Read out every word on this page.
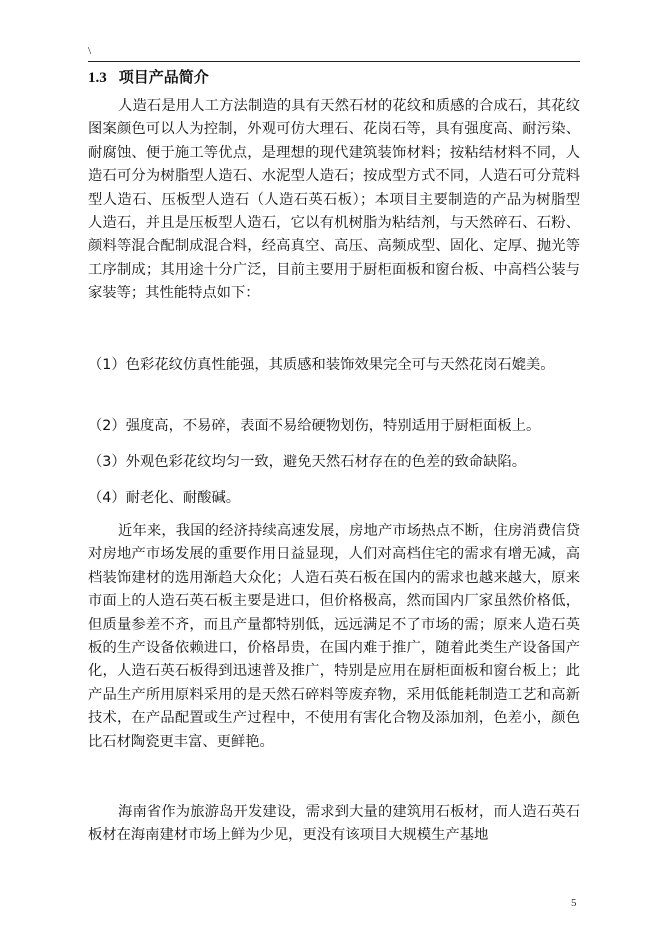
\
1.3 项目产品简介

人造石是用人工方法制造的具有天然石材的花纹和质感的合成石，其花纹图案颜色可以人为控制，外观可仿大理石、花岗石等，具有强度高、耐污染、耐腐蚀、便于施工等优点，是理想的现代建筑装饰材料；按粘结材料不同，人造石可分为树脂型人造石、水泥型人造石；按成型方式不同，人造石可分荒料型人造石、压板型人造石（人造石英石板）；本项目主要制造的产品为树脂型人造石，并且是压板型人造石，它以有机树脂为粘结剂，与天然碎石、石粉、颜料等混合配制成混合料，经高真空、高压、高频成型、固化、定厚、抛光等工序制成；其用途十分广泛，目前主要用于厨柜面板和窗台板、中高档公装与家装等；其性能特点如下：

（1）色彩花纹仿真性能强，其质感和装饰效果完全可与天然花岗石媲美。

（2）强度高，不易碎，表面不易给硬物划伤，特别适用于厨柜面板上。

（3）外观色彩花纹均匀一致，避免天然石材存在的色差的致命缺陷。

（4）耐老化、耐酸碱。

近年来，我国的经济持续高速发展，房地产市场热点不断，住房消费信贷对房地产市场发展的重要作用日益显现，人们对高档住宅的需求有增无减，高档装饰建材的选用渐趋大众化；人造石英石板在国内的需求也越来越大，原来市面上的人造石英石板主要是进口，但价格极高，然而国内厂家虽然价格低，但质量参差不齐，而且产量都特别低，远远满足不了市场的需；原来人造石英板的生产设备依赖进口，价格昂贵，在国内难于推广，随着此类生产设备国产化，人造石英石板得到迅速普及推广，特别是应用在厨柜面板和窗台板上；此产品生产所用原料采用的是天然石碎料等废弃物，采用低能耗制造工艺和高新技术，在产品配置或生产过程中，不使用有害化合物及添加剂，色差小，颜色比石材陶瓷更丰富、更鲜艳。

海南省作为旅游岛开发建设，需求到大量的建筑用石板材，而人造石英石板材在海南建材市场上鲜为少见，更没有该项目大规模生产基地

5
